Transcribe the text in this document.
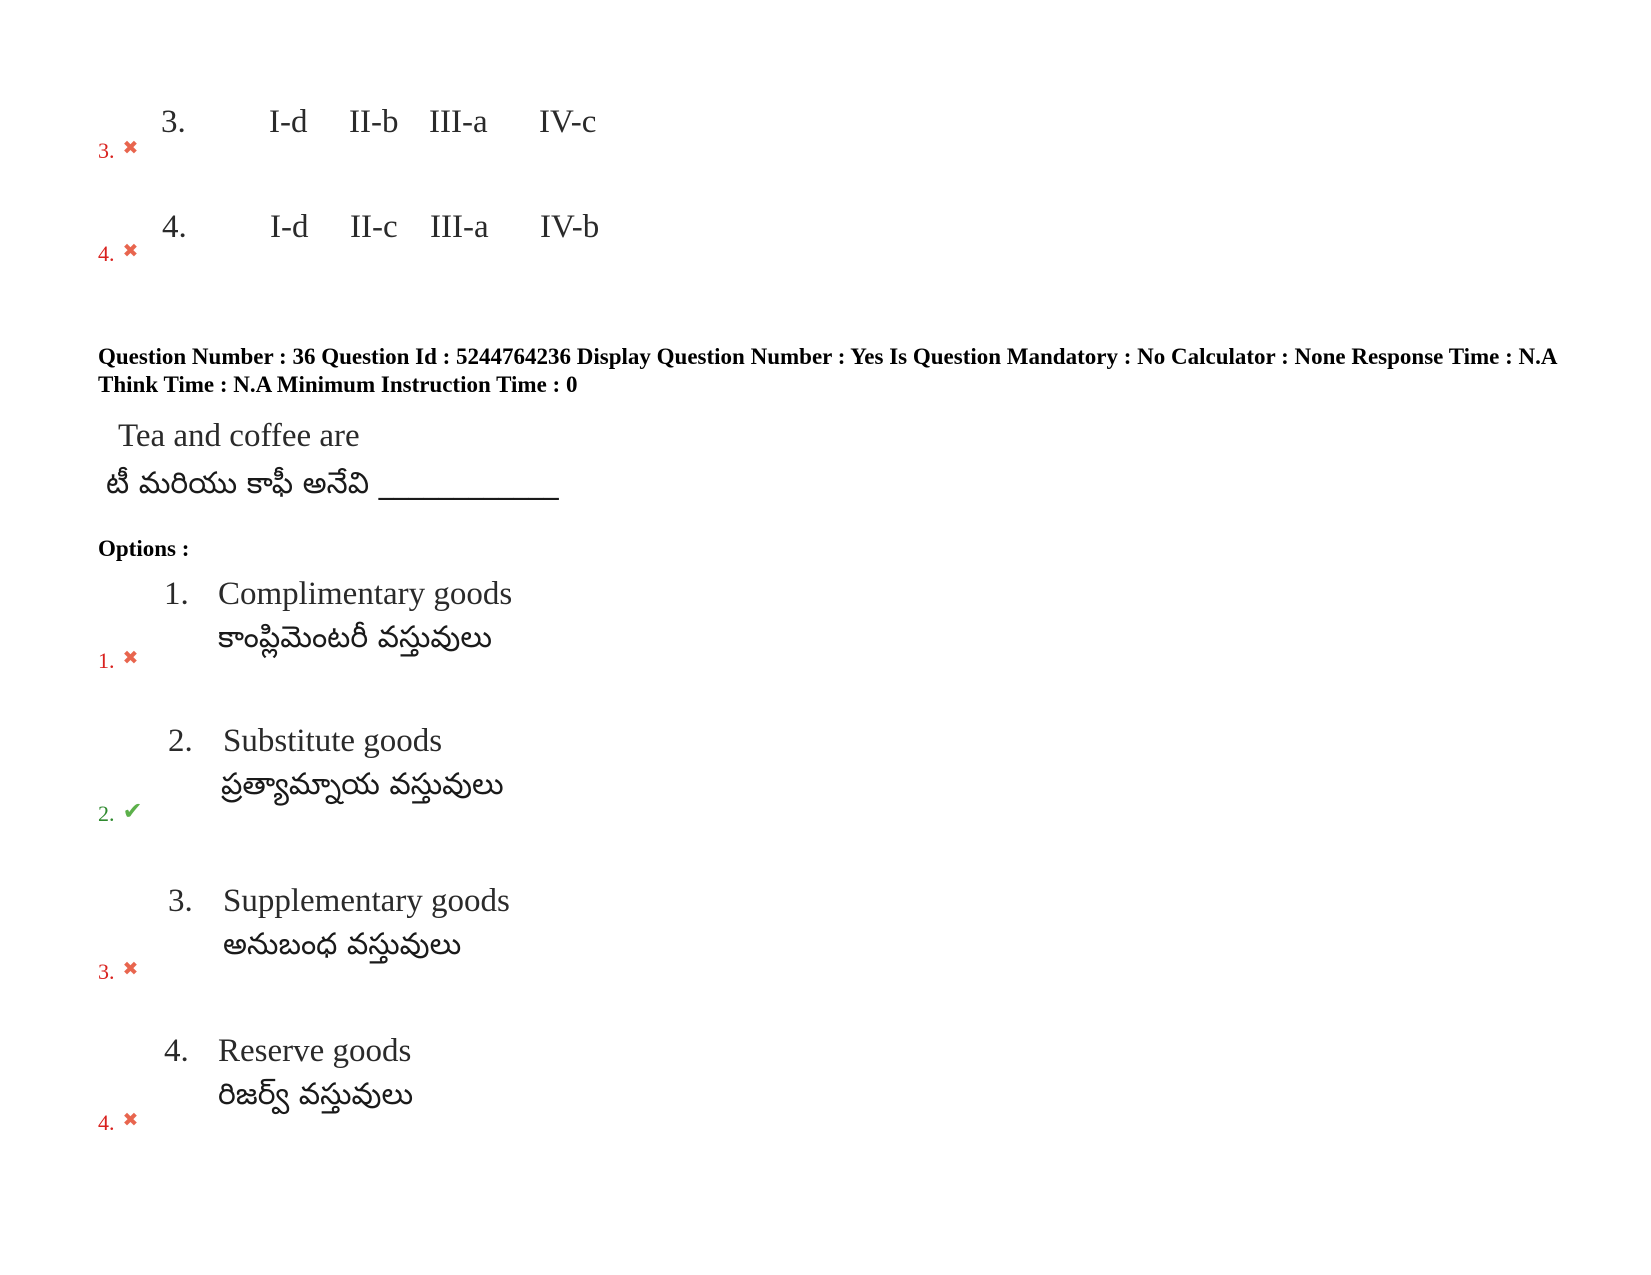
3.	I-d II-b III-a IV-c
3. ✖
4.	I-d II-c III-a IV-b
4. ✖
Question Number : 36 Question Id : 5244764236 Display Question Number : Yes Is Question Mandatory : No Calculator : None Response Time : N.A Think Time : N.A Minimum Instruction Time : 0
Tea and coffee are
టీ మరియు కాఫీ అనేవి ____________
Options :
1. Complimentary goods
కాంప్లిమెంటరీ వస్తువులు
1. ✖
2. Substitute goods
ప్రత్యామ్నాయ వస్తువులు
2. ✔
3. Supplementary goods
అనుబంధ వస్తువులు
3. ✖
4. Reserve goods
రిజర్వ్ వస్తువులు
4. ✖
